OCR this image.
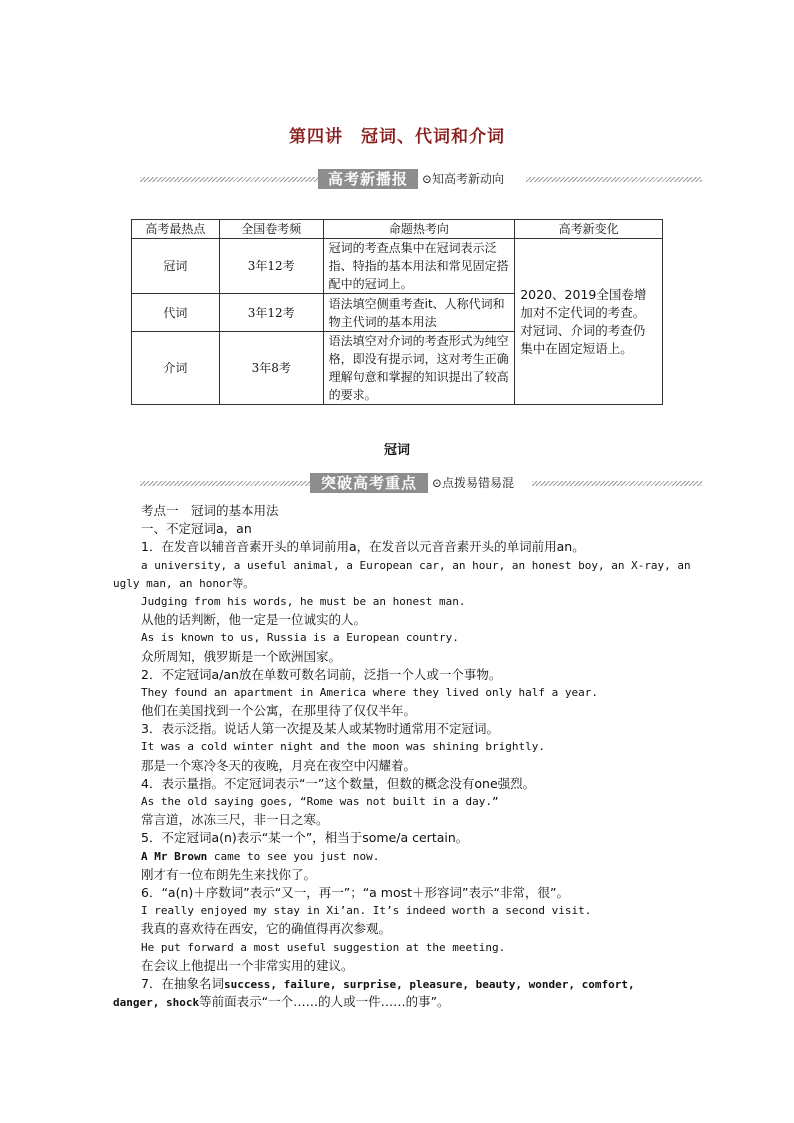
第四讲　冠词、代词和介词
高考新播报	⊙知高考新动向
高考最热点	全国卷考频	命题热考向	高考新变化
冠词	3年12考	冠词的考查点集中在冠词表示泛指、特指的基本用法和常见固定搭配中的冠词上。	2020、2019全国卷增加对不定代词的考查。对冠词、介词的考查仍集中在固定短语上。
代词	3年12考	语法填空侧重考查it、人称代词和物主代词的基本用法	
介词	3年8考	语法填空对介词的考查形式为纯空格，即没有提示词，这对考生正确理解句意和掌握的知识提出了较高的要求。	
冠词
突破高考重点	⊙点拨易错易混
考点一　冠词的基本用法
一、不定冠词a，an
1．在发音以辅音音素开头的单词前用a，在发音以元音音素开头的单词前用an。
a university, a useful animal, a European car, an hour, an honest boy, an X-ray, an
ugly man, an honor等。
Judging from his words, he must be an honest man.
从他的话判断，他一定是一位诚实的人。
As is known to us, Russia is a European country.
众所周知，俄罗斯是一个欧洲国家。
2．不定冠词a/an放在单数可数名词前，泛指一个人或一个事物。
They found an apartment in America where they lived only half a year.
他们在美国找到一个公寓，在那里待了仅仅半年。
3．表示泛指。说话人第一次提及某人或某物时通常用不定冠词。
It was a cold winter night and the moon was shining brightly.
那是一个寒冷冬天的夜晚，月亮在夜空中闪耀着。
4．表示量指。不定冠词表示“一”这个数量，但数的概念没有one强烈。
As the old saying goes, “Rome was not built in a day.”
常言道，冰冻三尺，非一日之寒。
5．不定冠词a(n)表示“某一个”，相当于some/a certain。
A Mr Brown came to see you just now.
刚才有一位布朗先生来找你了。
6．“a(n)＋序数词”表示“又一，再一”；“a most＋形容词”表示“非常，很”。
I really enjoyed my stay in Xi’an. It’s indeed worth a second visit.
我真的喜欢待在西安，它的确值得再次参观。
He put forward a most useful suggestion at the meeting.
在会议上他提出一个非常实用的建议。
7．在抽象名词success, failure, surprise, pleasure, beauty, wonder, comfort,
danger, shock等前面表示“一个……的人或一件……的事”。
